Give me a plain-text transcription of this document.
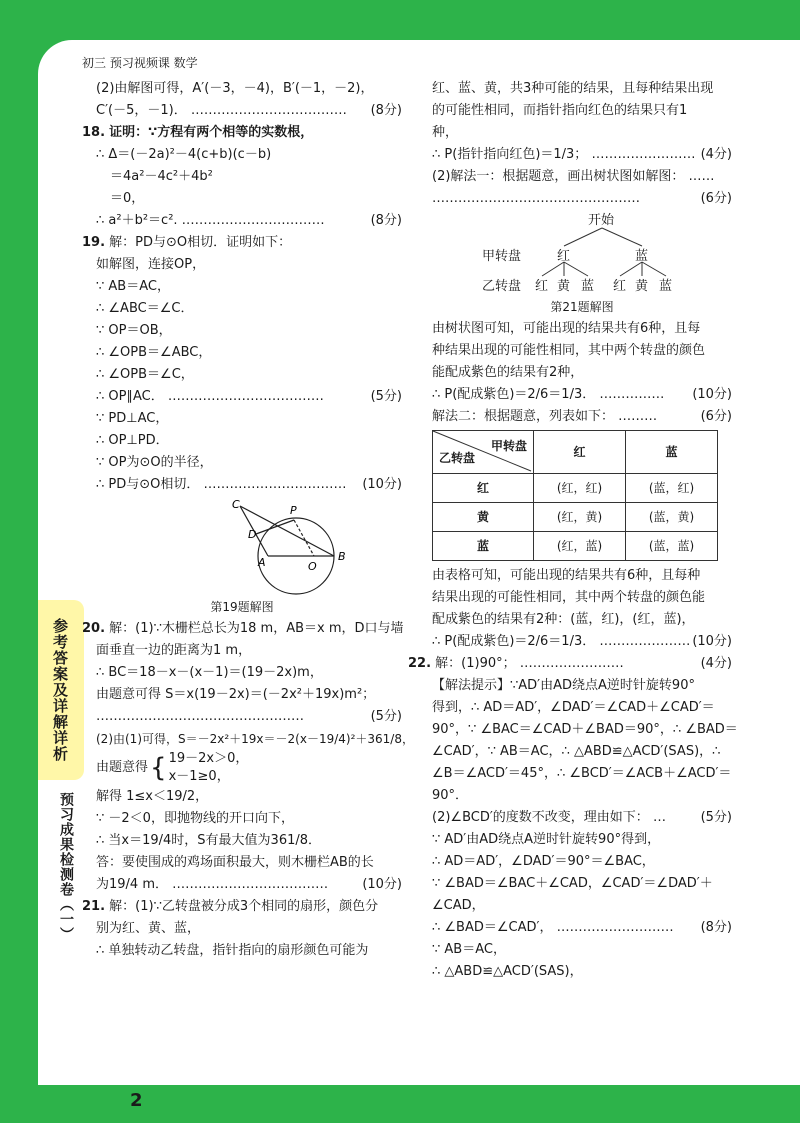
初三 预习视频课 数学
参考答案及详解详析
预习成果检测卷（一）
(2)由解图可得，A′(－3，－4)，B′(－1，－2)，
C′(－5，－1)． ……………………………… (8分)
18. 证明：∵方程有两个相等的实数根，
∴ Δ＝(－2a)²－4(c+b)(c－b)
＝4a²－4c²＋4b²
＝0，
∴ a²＋b²＝c². ……………………………	(8分)
19. 解：PD与⊙O相切．证明如下：
如解图，连接OP，
∵ AB＝AC，
∴ ∠ABC＝∠C．
∵ OP＝OB，
∴ ∠OPB＝∠ABC，
∴ ∠OPB＝∠C，
∴ OP∥AC． ………………………………	(5分)
∵ PD⊥AC，
∴ OP⊥PD．
∵ OP为⊙O的半径，
∴ PD与⊙O相切． …………………………… (10分)
C	P
D
A	O
B
第19题解图
20. 解：(1)∵木栅栏总长为18 m，AB＝x m，D口与墙
面垂直一边的距离为1 m，
∴ BC＝18－x－(x－1)＝(19－2x)m，
由题意可得 S＝x(19－2x)＝(－2x²＋19x)m²；
…………………………………………	(5分)
(2)由(1)可得，S＝－2x²＋19x＝－2(x－19/4)²＋361/8，
由题意得 { 19－2x＞0，
x－1≥0，
解得 1≤x＜19/2，
∵ －2＜0，即抛物线的开口向下，
∴ 当x＝19/4时，S有最大值为361/8．
答：要使围成的鸡场面积最大，则木栅栏AB的长
为19/4 m． ………………………………	(10分)
21. 解：(1)∵乙转盘被分成3个相同的扇形，颜色分
别为红、黄、蓝，
∴ 单独转动乙转盘，指针指向的扇形颜色可能为
红、蓝、黄，共3种可能的结果，且每种结果出现
的可能性相同，而指针指向红色的结果只有1
种，
∴ P(指针指向红色)＝1/3； …………………… (4分)
(2)解法一：根据题意，画出树状图如解图： ……
…………………………………………	(6分)
开始
甲转盘	红	蓝
乙转盘 红 黄 蓝 红 黄 蓝
第21题解图
由树状图可知，可能出现的结果共有6种，且每
种结果出现的可能性相同，其中两个转盘的颜色
能配成紫色的结果有2种，
∴ P(配成紫色)＝2/6＝1/3． …………… (10分)
解法二：根据题意，列表如下： ………	(6分)
甲转盘
乙转盘	红	蓝
红	(红，红)	(蓝，红)
黄	(红，黄)	(蓝，黄)
蓝	(红，蓝)	(蓝，蓝)
由表格可知，可能出现的结果共有6种，且每种
结果出现的可能性相同，其中两个转盘的颜色能
配成紫色的结果有2种：(蓝，红)，(红，蓝)，
∴ P(配成紫色)＝2/6＝1/3． ………………… (10分)
22. 解：(1)90°； ……………………	(4分)
【解法提示】∵AD′由AD绕点A逆时针旋转90°
得到，∴ AD＝AD′，∠DAD′＝∠CAD＋∠CAD′＝
90°，∵ ∠BAC＝∠CAD＋∠BAD＝90°，∴ ∠BAD＝
∠CAD′，∵ AB＝AC，∴ △ABD≌△ACD′(SAS)，∴
∠B＝∠ACD′＝45°，∴ ∠BCD′＝∠ACB＋∠ACD′＝
90°．
(2)∠BCD′的度数不改变，理由如下： …	(5分)
∵ AD′由AD绕点A逆时针旋转90°得到，
∴ AD＝AD′，∠DAD′＝90°＝∠BAC，
∵ ∠BAD＝∠BAC＋∠CAD，∠CAD′＝∠DAD′＋
∠CAD，
∴ ∠BAD＝∠CAD′， ……………………… (8分)
∵ AB＝AC，
∴ △ABD≌△ACD′(SAS)，
2
